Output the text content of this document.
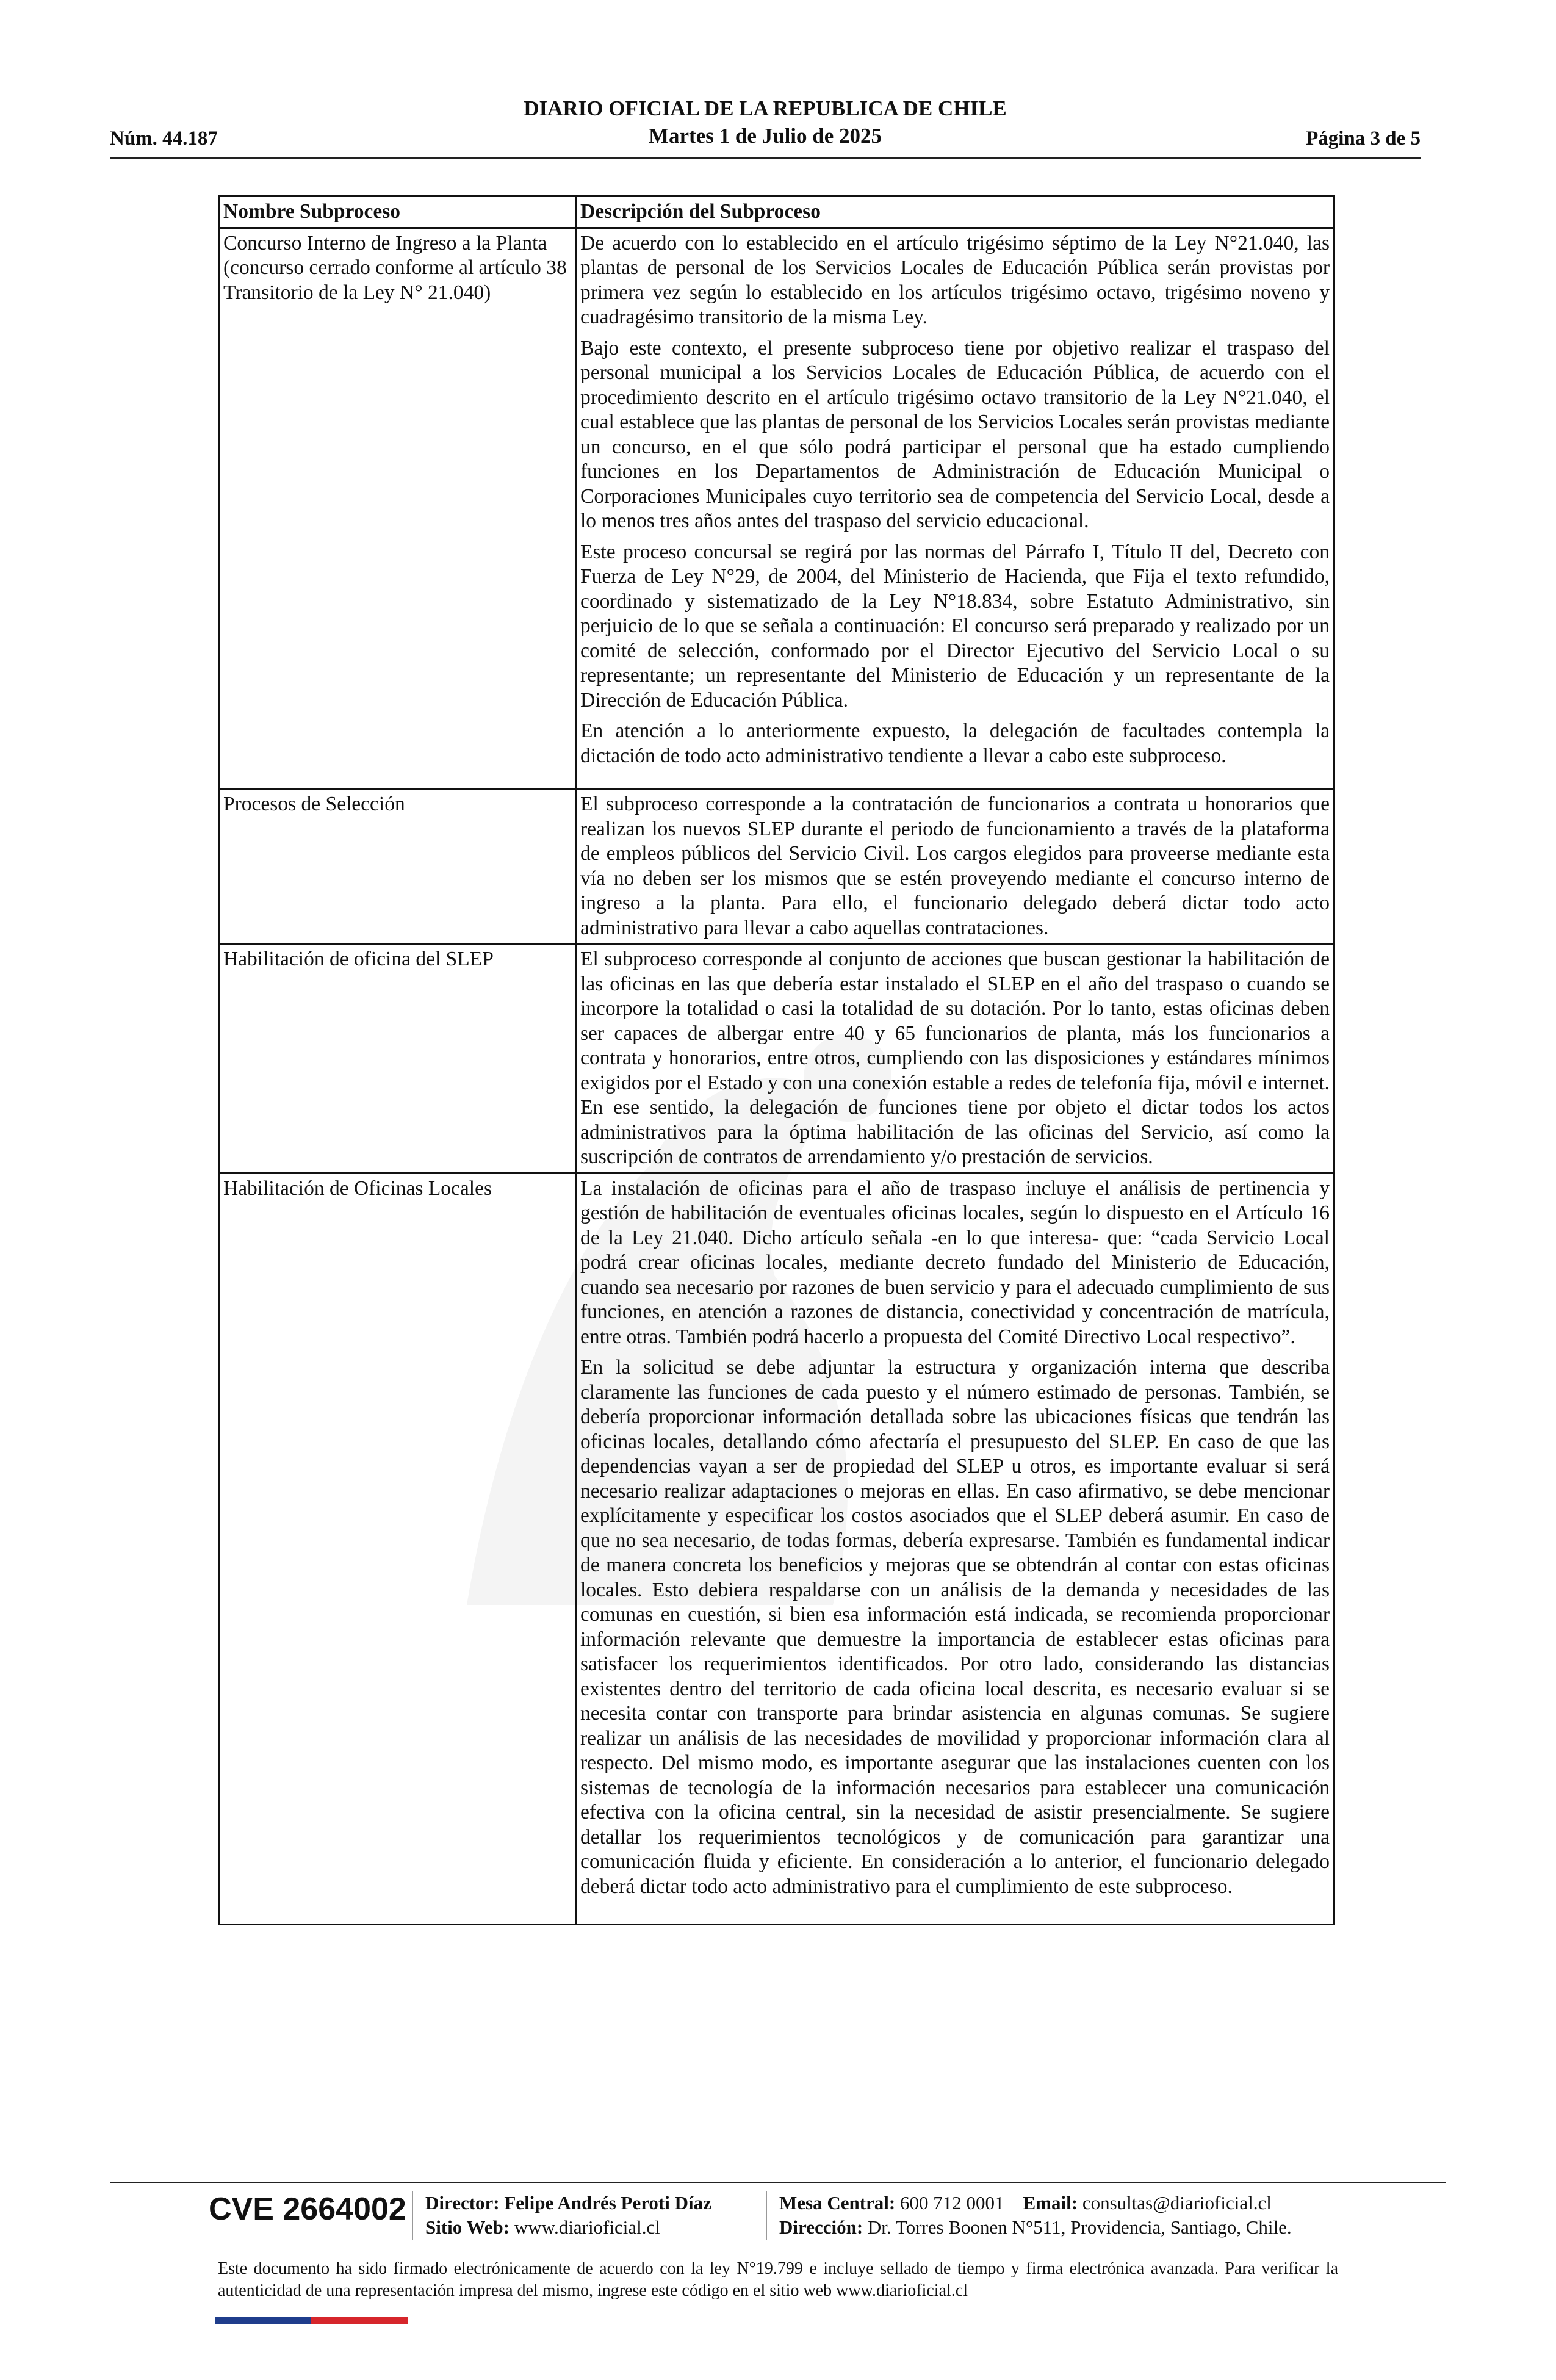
DIARIO OFICIAL DE LA REPUBLICA DE CHILE
Martes 1 de Julio de 2025
Núm. 44.187	Página 3 de 5
Nombre Subproceso	Descripción del Subproceso
Concurso Interno de Ingreso a la Planta (concurso cerrado conforme al artículo 38 Transitorio de la Ley N° 21.040)	De acuerdo con lo establecido en el artículo trigésimo séptimo de la Ley N°21.040, las plantas de personal de los Servicios Locales de Educación Pública serán provistas por primera vez según lo establecido en los artículos trigésimo octavo, trigésimo noveno y cuadragésimo transitorio de la misma Ley.

Bajo este contexto, el presente subproceso tiene por objetivo realizar el traspaso del personal municipal a los Servicios Locales de Educación Pública, de acuerdo con el procedimiento descrito en el artículo trigésimo octavo transitorio de la Ley N°21.040, el cual establece que las plantas de personal de los Servicios Locales serán provistas mediante un concurso, en el que sólo podrá participar el personal que ha estado cumpliendo funciones en los Departamentos de Administración de Educación Municipal o Corporaciones Municipales cuyo territorio sea de competencia del Servicio Local, desde a lo menos tres años antes del traspaso del servicio educacional.

Este proceso concursal se regirá por las normas del Párrafo I, Título II del, Decreto con Fuerza de Ley N°29, de 2004, del Ministerio de Hacienda, que Fija el texto refundido, coordinado y sistematizado de la Ley N°18.834, sobre Estatuto Administrativo, sin perjuicio de lo que se señala a continuación: El concurso será preparado y realizado por un comité de selección, conformado por el Director Ejecutivo del Servicio Local o su representante; un representante del Ministerio de Educación y un representante de la Dirección de Educación Pública.

En atención a lo anteriormente expuesto, la delegación de facultades contempla la dictación de todo acto administrativo tendiente a llevar a cabo este subproceso.

Procesos de Selección	El subproceso corresponde a la contratación de funcionarios a contrata u honorarios que realizan los nuevos SLEP durante el periodo de funcionamiento a través de la plataforma de empleos públicos del Servicio Civil. Los cargos elegidos para proveerse mediante esta vía no deben ser los mismos que se estén proveyendo mediante el concurso interno de ingreso a la planta. Para ello, el funcionario delegado deberá dictar todo acto administrativo para llevar a cabo aquellas contrataciones.

Habilitación de oficina del SLEP	El subproceso corresponde al conjunto de acciones que buscan gestionar la habilitación de las oficinas en las que debería estar instalado el SLEP en el año del traspaso o cuando se incorpore la totalidad o casi la totalidad de su dotación. Por lo tanto, estas oficinas deben ser capaces de albergar entre 40 y 65 funcionarios de planta, más los funcionarios a contrata y honorarios, entre otros, cumpliendo con las disposiciones y estándares mínimos exigidos por el Estado y con una conexión estable a redes de telefonía fija, móvil e internet. En ese sentido, la delegación de funciones tiene por objeto el dictar todos los actos administrativos para la óptima habilitación de las oficinas del Servicio, así como la suscripción de contratos de arrendamiento y/o prestación de servicios.

Habilitación de Oficinas Locales	La instalación de oficinas para el año de traspaso incluye el análisis de pertinencia y gestión de habilitación de eventuales oficinas locales, según lo dispuesto en el Artículo 16 de la Ley 21.040. Dicho artículo señala -en lo que interesa- que: “cada Servicio Local podrá crear oficinas locales, mediante decreto fundado del Ministerio de Educación, cuando sea necesario por razones de buen servicio y para el adecuado cumplimiento de sus funciones, en atención a razones de distancia, conectividad y concentración de matrícula, entre otras. También podrá hacerlo a propuesta del Comité Directivo Local respectivo”.

En la solicitud se debe adjuntar la estructura y organización interna que describa claramente las funciones de cada puesto y el número estimado de personas. También, se debería proporcionar información detallada sobre las ubicaciones físicas que tendrán las oficinas locales, detallando cómo afectaría el presupuesto del SLEP. En caso de que las dependencias vayan a ser de propiedad del SLEP u otros, es importante evaluar si será necesario realizar adaptaciones o mejoras en ellas. En caso afirmativo, se debe mencionar explícitamente y especificar los costos asociados que el SLEP deberá asumir. En caso de que no sea necesario, de todas formas, debería expresarse. También es fundamental indicar de manera concreta los beneficios y mejoras que se obtendrán al contar con estas oficinas locales. Esto debiera respaldarse con un análisis de la demanda y necesidades de las comunas en cuestión, si bien esa información está indicada, se recomienda proporcionar información relevante que demuestre la importancia de establecer estas oficinas para satisfacer los requerimientos identificados. Por otro lado, considerando las distancias existentes dentro del territorio de cada oficina local descrita, es necesario evaluar si se necesita contar con transporte para brindar asistencia en algunas comunas. Se sugiere realizar un análisis de las necesidades de movilidad y proporcionar información clara al respecto. Del mismo modo, es importante asegurar que las instalaciones cuenten con los sistemas de tecnología de la información necesarios para establecer una comunicación efectiva con la oficina central, sin la necesidad de asistir presencialmente. Se sugiere detallar los requerimientos tecnológicos y de comunicación para garantizar una comunicación fluida y eficiente. En consideración a lo anterior, el funcionario delegado deberá dictar todo acto administrativo para el cumplimiento de este subproceso.

CVE 2664002 Director: Felipe Andrés Peroti Díaz
Sitio Web: www.diarioficial.cl
Mesa Central: 600 712 0001 Email: consultas@diarioficial.cl
Dirección: Dr. Torres Boonen N°511, Providencia, Santiago, Chile.
Este documento ha sido firmado electrónicamente de acuerdo con la ley N°19.799 e incluye sellado de tiempo y firma electrónica avanzada. Para verificar la autenticidad de una representación impresa del mismo, ingrese este código en el sitio web www.diarioficial.cl
